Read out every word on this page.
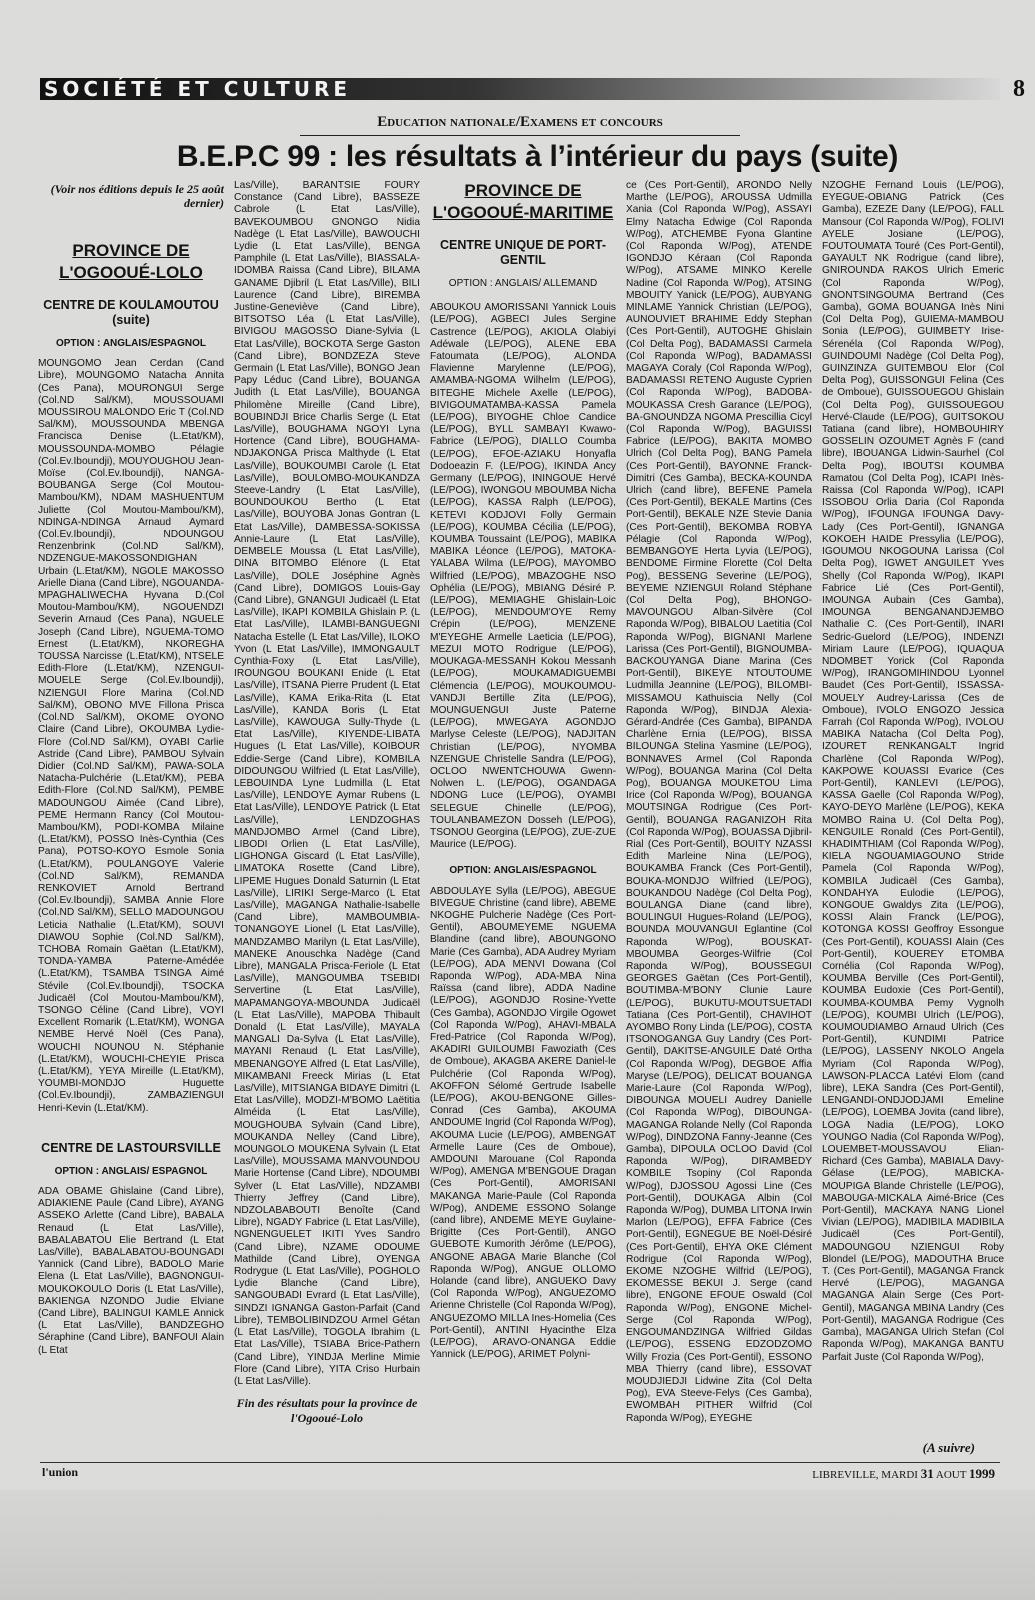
SOCIÉTÉ ET CULTURE	8
Education nationale/Examens et concours
B.E.P.C 99 : les résultats à l’intérieur du pays (suite)
(Voir nos éditions depuis le 25 août dernier)
PROVINCE DE L'OGOOUÉ-LOLO
CENTRE DE KOULAMOUTOU (suite)
OPTION : ANGLAIS/ESPAGNOL

MOUNGOMO Jean Cerdan (Cand Libre), MOUNGOMO Natacha Annita (Ces Pana), MOURONGUI Serge (Col.ND Sal/KM), MOUSSOUAMI MOUSSIROU MALONDO Eric T (Col.ND Sal/KM), MOUSSOUNDA MBENGA Francisca Denise (L.Etat/KM), MOUSSOUNDA-MOMBO Pélagie (Col.Ev.Iboundji), MOUYOUGHOU Jean-Moïse (Col.Ev.Iboundji), NANGA-BOUBANGA Serge (Col Moutou-Mambou/KM), NDAM MASHUENTUM Juliette (Col Moutou-Mambou/KM), NDINGA-NDINGA Arnaud Aymard (Col.Ev.Iboundji), NDOUNGOU Renzenbrink (Col.ND Sal/KM), NDZENGUE-MAKOSSONDIGHAN Urbain (L.Etat/KM), NGOLE MAKOSSO Arielle Diana (Cand Libre), NGOUANDA-MPAGHALIWECHA Hyvana D.(Col Moutou-Mambou/KM), NGOUENDZI Severin Arnaud (Ces Pana), NGUELE Joseph (Cand Libre), NGUEMA-TOMO Ernest (L.Etat/KM), NKOREGHA TOUSSA Narcisse (L.Etat/KM), NTSELE Edith-Flore (L.Etat/KM), NZENGUI-MOUELE Serge (Col.Ev.Iboundji), NZIENGUI Flore Marina (Col.ND Sal/KM), OBONO MVE Fillona Prisca (Col.ND Sal/KM), OKOME OYONO Claire (Cand Libre), OKOUMBA Lydie-Flore (Col.ND Sal/KM), OYABI Carlie Astride (Cand Libre), PAMBOU Sylvain Didier (Col.ND Sal/KM), PAWA-SOLA Natacha-Pulchérie (L.Etat/KM), PEBA Edith-Flore (Col.ND Sal/KM), PEMBE MADOUNGOU Aimée (Cand Libre), PEME Hermann Rancy (Col Moutou-Mambou/KM), PODI-KOMBA Milaine (L.Etat/KM), POSSO Inès-Cynthia (Ces Pana), POTSO-KOYO Esmole Sonia (L.Etat/KM), POULANGOYE Valerie (Col.ND Sal/KM), REMANDA RENKOVIET Arnold Bertrand (Col.Ev.Iboundji), SAMBA Annie Flore (Col.ND Sal/KM), SELLO MADOUNGOU Leticia Nathalie (L.Etat/KM), SOUVI DIAWOU Sophie (Col.ND Sal/KM), TCHOBA Romain Gaëtan (L.Etat/KM), TONDA-YAMBA Paterne-Amédée (L.Etat/KM), TSAMBA TSINGA Aimé Stévile (Col.Ev.Iboundji), TSOCKA Judicaël (Col Moutou-Mambou/KM), TSONGO Céline (Cand Libre), VOYI Excellent Romarik (L.Etat/KM), WONGA NEMBE Hervé Noël (Ces Pana), WOUCHI NOUNOU N. Stéphanie (L.Etat/KM), WOUCHI-CHEYIE Prisca (L.Etat/KM), YEYA Mireille (L.Etat/KM), YOUMBI-MONDJO Huguette (Col.Ev.Iboundji), ZAMBAZIENGUI Henri-Kevin (L.Etat/KM).

CENTRE DE LASTOURSVILLE
OPTION : ANGLAIS/ ESPAGNOL

ADA OBAME Ghislaine (Cand Libre), ADIAKIENE Paule (Cand Libre), AYANG ASSEKO Arlette (Cand Libre), BABALA Renaud (L Etat Las/Ville), BABALABATOU Elie Bertrand (L Etat Las/Ville), BABALABATOU-BOUNGADI Yannick (Cand Libre), BADOLO Marie Elena (L Etat Las/Ville), BAGNONGUI-MOUKOKOULO Doris (L Etat Las/Ville), BAKIENGA NZONDO Judie Elviane (Cand Libre), BALINGUI KAMLE Annick (L Etat Las/Ville), BANDZEGHO Séraphine (Cand Libre), BANFOUI Alain (L Etat

Las/Ville), BARANTSIE FOURY Constance (Cand Libre), BASSEZE Cabrole (L Etat Las/Ville), BAVEKOUMBOU GNONGO Nidia Nadège (L Etat Las/Ville), BAWOUCHI Lydie (L Etat Las/Ville), BENGA Pamphile (L Etat Las/Ville), BIASSALA-IDOMBA Raissa (Cand Libre), BILAMA GANAME Djibril (L Etat Las/Ville), BILI Laurence (Cand Libre), BIREMBA Justine-Geneviève (Cand Libre), BITSOTSO Léa (L Etat Las/Ville), BIVIGOU MAGOSSO Diane-Sylvia (L Etat Las/Ville), BOCKOTA Serge Gaston (Cand Libre), BONDZEZA Steve Germain (L Etat Las/Ville), BONGO Jean Papy Léduc (Cand Libre), BOUANGA Judith (L Etat Las/Ville), BOUANGA Philomène Mireille (Cand Libre), BOUBINDJI Brice Charlis Serge (L Etat Las/Ville), BOUGHAMA NGOYI Lyna Hortence (Cand Libre), BOUGHAMA-NDJAKONGA Prisca Malthyde (L Etat Las/Ville), BOUKOUMBI Carole (L Etat Las/Ville), BOULOMBO-MOUKANDZA Steeve-Landry (L Etat Las/Ville), BOUNDOUKOU Bertho (L Etat Las/Ville), BOUYOBA Jonas Gontran (L Etat Las/Ville), DAMBESSA-SOKISSA Annie-Laure (L Etat Las/Ville), DEMBELE Moussa (L Etat Las/Ville), DINA BITOMBO Elénore (L Etat Las/Ville), DOLE Joséphine Agnès (Cand Libre), DOMIGOS Louis-Gay (Cand Libre), GNANGUI Judicaël (L Etat Las/Ville), IKAPI KOMBILA Ghislain P. (L Etat Las/Ville), ILAMBI-BANGUEGNI Natacha Estelle (L Etat Las/Ville), ILOKO Yvon (L Etat Las/Ville), IMMONGAULT Cynthia-Foxy (L Etat Las/Ville), IROUNGOU BOUKANI Enide (L Etat Las/Ville), ITSANA Pierre Prudent (L Etat Las/Ville), KAMA Erika-Rita (L Etat Las/Ville), KANDA Boris (L Etat Las/Ville), KAWOUGA Sully-Thyde (L Etat Las/Ville), KIYENDE-LIBATA Hugues (L Etat Las/Ville), KOIBOUR Eddie-Serge (Cand Libre), KOMBILA DIDOUNGOU Wilfried (L Etat Las/Ville), LEBOUINDA Lyne Ludmilla (L Etat Las/Ville), LENDOYE Aymar Rubens (L Etat Las/Ville), LENDOYE Patrick (L Etat Las/Ville), LENDZOGHAS MANDJOMBO Armel (Cand Libre), LIBODI Orlien (L Etat Las/Ville), LIGHONGA Giscard (L Etat Las/Ville), LIMATOKA Rosette (Cand Libre), LIPEME Hugues Donald Saturnin (L Etat Las/Ville), LIRIKI Serge-Marco (L Etat Las/Ville), MAGANGA Nathalie-Isabelle (Cand Libre), MAMBOUMBIA-TONANGOYE Lionel (L Etat Las/Ville), MANDZAMBO Marilyn (L Etat Las/Ville), MANEKE Anouschka Nadège (Cand Libre), MANGALA Prisca-Feriole (L Etat Las/Ville), MANGOUMBA TSEBIDI Servertine (L Etat Las/Ville), MAPAMANGOYA-MBOUNDA Judicaël (L Etat Las/Ville), MAPOBA Thibault Donald (L Etat Las/Ville), MAYALA MANGALI Da-Sylva (L Etat Las/Ville), MAYANI Renaud (L Etat Las/Ville), MBENANGOYE Alfred (L Etat Las/Ville), MIKAMBANI Freeck Mirias (L Etat Las/Ville), MITSIANGA BIDAYE Dimitri (L Etat Las/Ville), MODZI-M'BOMO Laëtitia Alméida (L Etat Las/Ville), MOUGHOUBA Sylvain (Cand Libre), MOUKANDA Nelley (Cand Libre), MOUNGOLO MOUKENA Sylvain (L Etat Las/Ville), MOUSSAMA MANVOUNDOU Marie Hortense (Cand Libre), NDOUMBI Sylver (L Etat Las/Ville), NDZAMBI Thierry Jeffrey (Cand Libre), NDZOLABABOUTI Benoîte (Cand Libre), NGADY Fabrice (L Etat Las/Ville), NGNENGUELET IKITI Yves Sandro (Cand Libre), NZAME ODOUME Mathilde (Cand Libre), OYENGA Rodrygue (L Etat Las/Ville), POGHOLO Lydie Blanche (Cand Libre), SANGOUBADI Evrard (L Etat Las/Ville), SINDZI IGNANGA Gaston-Parfait (Cand Libre), TEMBOLIBINDZOU Armel Gétan (L Etat Las/Ville), TOGOLA Ibrahim (L Etat Las/Ville), TSIABA Brice-Pathern (Cand Libre), YINDJA Merline Mimie Flore (Cand Libre), YITA Criso Hurbain (L Etat Las/Ville).

Fin des résultats pour la province de l'Ogooué-Lolo
PROVINCE DE L'OGOOUÉ-MARITIME
CENTRE UNIQUE DE PORT-GENTIL
OPTION : ANGLAIS/ ALLEMAND

ABOUKOU AMORISSANI Yannick Louis (LE/POG), AGBECI Jules Sergine Castrence (LE/POG), AKIOLA Olabiyi Adéwale (LE/POG), ALENE EBA Fatoumata (LE/POG), ALONDA Flavienne Marylenne (LE/POG), AMAMBA-NGOMA Wilhelm (LE/POG), BITEGHE Michele Axelle (LE/POG), BIVIGOUMATAMBA-KASSA Pamela (LE/POG), BIYOGHE Chloe Candice (LE/POG), BYLL SAMBAYI Kwawo-Fabrice (LE/POG), DIALLO Coumba (LE/POG), EFOE-AZIAKU Honyafla Dodoeazin F. (LE/POG), IKINDA Ancy Germany (LE/POG), ININGOUE Hervé (LE/POG), IWONGOU MBOUMBA Nicha (LE/POG), KASSA Ralph (LE/POG), KETEVI KODJOVI Folly Germain (LE/POG), KOUMBA Cécilia (LE/POG), KOUMBA Toussaint (LE/POG), MABIKA MABIKA Léonce (LE/POG), MATOKA-YALABA Wilma (LE/POG), MAYOMBO Wilfried (LE/POG), MBAZOGHE NSO Ophélia (LE/POG), MBIANG Désiré P. (LE/POG), MEMIAGHE Ghislain-Loic (LE/POG), MENDOUM'OYE Remy Crépin (LE/POG), MENZENE M'EYEGHE Armelle Laeticia (LE/POG), MEZUI MOTO Rodrigue (LE/POG), MOUKAGA-MESSANH Kokou Messanh (LE/POG), MOUKAMADIGUEMBI Clémencia (LE/POG), MOUKOUMOU-VANDJI Bertille Zita (LE/POG), MOUNGUENGUI Juste Paterne (LE/POG), MWEGAYA AGONDJO Marlyse Celeste (LE/POG), NADJITAN Christian (LE/POG), NYOMBA NZENGUE Christelle Sandra (LE/POG), OCLOO NWENTCHOUWA Gwenn-Nolwen L. (LE/POG), OGANDAGA NDONG Luce (LE/POG), OYAMBI SELEGUE Chinelle (LE/POG), TOULANBAMEZON Dosseh (LE/POG), TSONOU Georgina (LE/POG), ZUE-ZUE Maurice (LE/POG).

OPTION: ANGLAIS/ESPAGNOL

ABDOULAYE Sylla (LE/POG), ABEGUE BIVEGUE Christine (cand libre), ABEME NKOGHE Pulcherie Nadège (Ces Port-Gentil), ABOUMEYEME NGUEMA Blandine (cand libre), ABOUNGONO Marie (Ces Gamba), ADA Audrey Myriam (LE/POG), ADA MENVI Dowana (Col Raponda W/Pog), ADA-MBA Nina Raïssa (cand libre), ADDA Nadine (LE/POG), AGONDJO Rosine-Yvette (Ces Gamba), AGONDJO Virgile Ogowet (Col Raponda W/Pog), AHAVI-MBALA Fred-Patrice (Col Raponda W/Pog), AKADIRI GUILOUMBI Fawoziath (Ces de Omboue), AKAGBA AKERE Daniel-le Pulchérie (Col Raponda W/Pog), AKOFFON Sélomé Gertrude Isabelle (LE/POG), AKOU-BENGONE Gilles-Conrad (Ces Gamba), AKOUMA ANDOUME Ingrid (Col Raponda W/Pog), AKOUMA Lucie (LE/POG), AMBENGAT Armelle Laure (Ces de Omboue), AMDOUNI Marouane (Col Raponda W/Pog), AMENGA M'BENGOUE Dragan (Ces Port-Gentil), AMORISANI MAKANGA Marie-Paule (Col Raponda W/Pog), ANDEME ESSONO Solange (cand libre), ANDEME MEYE Guylaine-Brigitte (Ces Port-Gentil), ANGO GUEBOTE Kumorith Jérôme (LE/POG), ANGONE ABAGA Marie Blanche (Col Raponda W/Pog), ANGUE OLLOMO Holande (cand libre), ANGUEKO Davy (Col Raponda W/Pog), ANGUEZOMO Arienne Christelle (Col Raponda W/Pog), ANGUEZOMO MILLA Ines-Homelia (Ces Port-Gentil), ANTINI Hyacinthe Elza (LE/POG), ARAVO-ONANGA Eddie Yannick (LE/POG), ARIMET Polyni-

ce (Ces Port-Gentil), ARONDO Nelly Marthe (LE/POG), AROUSSA Udmilla Xania (Col Raponda W/Pog), ASSAYI Elmy Natacha Edwige (Col Raponda W/Pog), ATCHEMBE Fyona Glantine (Col Raponda W/Pog), ATENDE IGONDJO Kéraan (Col Raponda W/Pog), ATSAME MINKO Kerelle Nadine (Col Raponda W/Pog), ATSING MBOUITY Yanick (LE/POG), AUBYANG MINLAME Yannick Christian (LE/POG), AUNOUVIET BRAHIME Eddy Stephan (Ces Port-Gentil), AUTOGHE Ghislain (Col Delta Pog), BADAMASSI Carmela (Col Raponda W/Pog), BADAMASSI MAGAYA Coraly (Col Raponda W/Pog), BADAMASSI RETENO Auguste Cyprien (Col Raponda W/Pog), BADOBA-MOUKASSA Cresh Garance (LE/POG), BA-GNOUNDZA NGOMA Prescillia Cicyl (Col Raponda W/Pog), BAGUISSI Fabrice (LE/POG), BAKITA MOMBO Ulrich (Col Delta Pog), BANG Pamela (Ces Port-Gentil), BAYONNE Franck-Dimitri (Ces Gamba), BECKA-KOUNDA Ulrich (cand libre), BEFENE Pamela (Ces Port-Gentil), BEKALE Martins (Ces Port-Gentil), BEKALE NZE Stevie Dania (Ces Port-Gentil), BEKOMBA ROBYA Pélagie (Col Raponda W/Pog), BEMBANGOYE Herta Lyvia (LE/POG), BENDOME Firmine Florette (Col Delta Pog), BESSENG Severine (LE/POG), BEYEME NZIENGUI Roland Stéphane (Col Delta Pog), BHONGO-MAVOUNGOU Alban-Silvère (Col Raponda W/Pog), BIBALOU Laetitia (Col Raponda W/Pog), BIGNANI Marlene Larissa (Ces Port-Gentil), BIGNOUMBA-BACKOUYANGA Diane Marina (Ces Port-Gentil), BIKEYE NTOUTOUME Ludmilla Jeannine (LE/POG), BILOMBI-MISSAMOU Kathuiscia Nelly (Col Raponda W/Pog), BINDJA Alexia-Gérard-Andrée (Ces Gamba), BIPANDA Charlène Ernia (LE/POG), BISSA BILOUNGA Stelina Yasmine (LE/POG), BONNAVES Armel (Col Raponda W/Pog), BOUANGA Marina (Col Delta Pog), BOUANGA MOUKETOU Lima Irice (Col Raponda W/Pog), BOUANGA MOUTSINGA Rodrigue (Ces Port-Gentil), BOUANGA RAGANIZOH Rita (Col Raponda W/Pog), BOUASSA Djibril-Rial (Ces Port-Gentil), BOUITY NZASSI Edith Marleine Nina (LE/POG), BOUKAMBA Franck (Ces Port-Gentil), BOUKA-MONDJO Wilfried (LE/POG), BOUKANDOU Nadège (Col Delta Pog), BOULANGA Diane (cand libre), BOULINGUI Hugues-Roland (LE/POG), BOUNDA MOUVANGUI Eglantine (Col Raponda W/Pog), BOUSKAT-MBOUMBA Georges-Wilfrie (Col Raponda W/Pog), BOUSSEGUI GEORGES Gaëtan (Ces Port-Gentil), BOUTIMBA-M'BONY Clunie Laure (LE/POG), BUKUTU-MOUTSUETADI Tatiana (Ces Port-Gentil), CHAVIHOT AYOMBO Rony Linda (LE/POG), COSTA ITSONOGANGA Guy Landry (Ces Port-Gentil), DAKITSE-ANGUILE Daté Ortha (Col Raponda W/Pog), DEGBOE Affia Maryse (LE/POG), DELICAT BOUANGA Marie-Laure (Col Raponda W/Pog), DIBOUNGA MOUELI Audrey Danielle (Col Raponda W/Pog), DIBOUNGA-MAGANGA Rolande Nelly (Col Raponda W/Pog), DINDZONA Fanny-Jeanne (Ces Gamba), DIPOULA OCLOO David (Col Raponda W/Pog), DIRAMBEDY KOMBILE Tsopiny (Col Raponda W/Pog), DJOSSOU Agossi Line (Ces Port-Gentil), DOUKAGA Albin (Col Raponda W/Pog), DUMBA LITONA Irwin Marlon (LE/POG), EFFA Fabrice (Ces Port-Gentil), EGNEGUE BE Noël-Désiré (Ces Port-Gentil), EHYA OKE Clément Rodrigue (Col Raponda W/Pog), EKOME NZOGHE Wilfrid (LE/POG), EKOMESSE BEKUI J. Serge (cand libre), ENGONE EFOUE Oswald (Col Raponda W/Pog), ENGONE Michel-Serge (Col Raponda W/Pog), ENGOUMANDZINGA Wilfried Gildas (LE/POG), ESSENG EDZODZOMO Willy Frozia (Ces Port-Gentil), ESSONO MBA Thierry (cand libre), ESSOVAT MOUDJIEDJI Lidwine Zita (Col Delta Pog), EVA Steeve-Felys (Ces Gamba), EWOMBAH PITHER Wilfrid (Col Raponda W/Pog), EYEGHE

NZOGHE Fernand Louis (LE/POG), EYEGUE-OBIANG Patrick (Ces Gamba), EZEZE Dany (LE/POG), FALL Mansour (Col Raponda W/Pog), FOLIVI AYELE Josiane (LE/POG), FOUTOUMATA Touré (Ces Port-Gentil), GAYAULT NK Rodrigue (cand libre), GNIROUNDA RAKOS Ulrich Emeric (Col Raponda W/Pog), GNONTSINGOUMA Bertrand (Ces Gamba), GOMA BOUANGA Inès Nini (Col Delta Pog), GUIEMA-MAMBOU Sonia (LE/POG), GUIMBETY Irise-Sérenéla (Col Raponda W/Pog), GUINDOUMI Nadège (Col Delta Pog), GUINZINZA GUITEMBOU Elor (Col Delta Pog), GUISSONGUI Felina (Ces de Omboue), GUISSOUEGOU Ghislain (Col Delta Pog), GUISSOUEGOU Hervé-Claude (LE/POG), GUITSOKOU Tatiana (cand libre), HOMBOUHIRY GOSSELIN OZOUMET Agnès F (cand libre), IBOUANGA Lidwin-Saurhel (Col Delta Pog), IBOUTSI KOUMBA Ramatou (Col Delta Pog), ICAPI Inès-Raissa (Col Raponda W/Pog), ICAPI ISSOBOU Orlia Daria (Col Raponda W/Pog), IFOUNGA IFOUNGA Davy-Lady (Ces Port-Gentil), IGNANGA KOKOEH HAIDE Pressylia (LE/POG), IGOUMOU NKOGOUNA Larissa (Col Delta Pog), IGWET ANGUILET Yves Shelly (Col Raponda W/Pog), IKAPI Fabrice Lié (Ces Port-Gentil), IMOUNGA Aubain (Ces Gamba), IMOUNGA BENGANANDJEMBO Nathalie C. (Ces Port-Gentil), INARI Sedric-Guelord (LE/POG), INDENZI Miriam Laure (LE/POG), IQUAQUA NDOMBET Yorick (Col Raponda W/Pog), IRANGOMIHINDOU Lyonnel Baudet (Ces Port-Gentil), ISSASSA-MOUELY Audrey-Larissa (Ces de Omboue), IVOLO ENGOZO Jessica Farrah (Col Raponda W/Pog), IVOLOU MABIKA Natacha (Col Delta Pog), IZOURET RENKANGALT Ingrid Charlène (Col Raponda W/Pog), KAKPOWE KOUASSI Evarice (Ces Port-Gentil), KANLEVI (LE/POG), KASSA Gaelle (Col Raponda W/Pog), KAYO-DEYO Marlène (LE/POG), KEKA MOMBO Raina U. (Col Delta Pog), KENGUILE Ronald (Ces Port-Gentil), KHADIMTHIAM (Col Raponda W/Pog), KIELA NGOUAMIAGOUNO Stride Pamela (Col Raponda W/Pog), KOMBILA Judicaël (Ces Gamba), KONDAHYA Eulodie (LE/POG), KONGOUE Gwaldys Zita (LE/POG), KOSSI Alain Franck (LE/POG), KOTONGA KOSSI Geoffroy Essongue (Ces Port-Gentil), KOUASSI Alain (Ces Port-Gentil), KOUEREY ETOMBA Cornélia (Col Raponda W/Pog), KOUMBA Berville (Ces Port-Gentil), KOUMBA Eudoxie (Ces Port-Gentil), KOUMBA-KOUMBA Pemy Vygnolh (LE/POG), KOUMBI Ulrich (LE/POG), KOUMOUDIAMBO Arnaud Ulrich (Ces Port-Gentil), KUNDIMI Patrice (LE/POG), LASSENY NKOLO Angela Myriam (Col Raponda W/Pog), LAWSON-PLACCA Latévi Elom (cand libre), LEKA Sandra (Ces Port-Gentil), LENGANDI-ONDJODJAMI Emeline (LE/POG), LOEMBA Jovita (cand libre), LOGA Nadia (LE/POG), LOKO YOUNGO Nadia (Col Raponda W/Pog), LOUEMBET-MOUSSAVOU Elian-Richard (Ces Gamba), MABIALA Davy-Gélase (LE/POG), MABICKA-MOUPIGA Blande Christelle (LE/POG), MABOUGA-MICKALA Aimé-Brice (Ces Port-Gentil), MACKAYA NANG Lionel Vivian (LE/POG), MADIBILA MADIBILA Judicaël (Ces Port-Gentil), MADOUNGOU NZIENGUI Roby Blondel (LE/POG), MADOUTHA Bruce T. (Ces Port-Gentil), MAGANGA Franck Hervé (LE/POG), MAGANGA MAGANGA Alain Serge (Ces Port-Gentil), MAGANGA MBINA Landry (Ces Port-Gentil), MAGANGA Rodrigue (Ces Gamba), MAGANGA Ulrich Stefan (Col Raponda W/Pog), MAKANGA BANTU Parfait Juste (Col Raponda W/Pog),

(A suivre)
l'union	LIBREVILLE, MARDI 31 AOUT 1999
